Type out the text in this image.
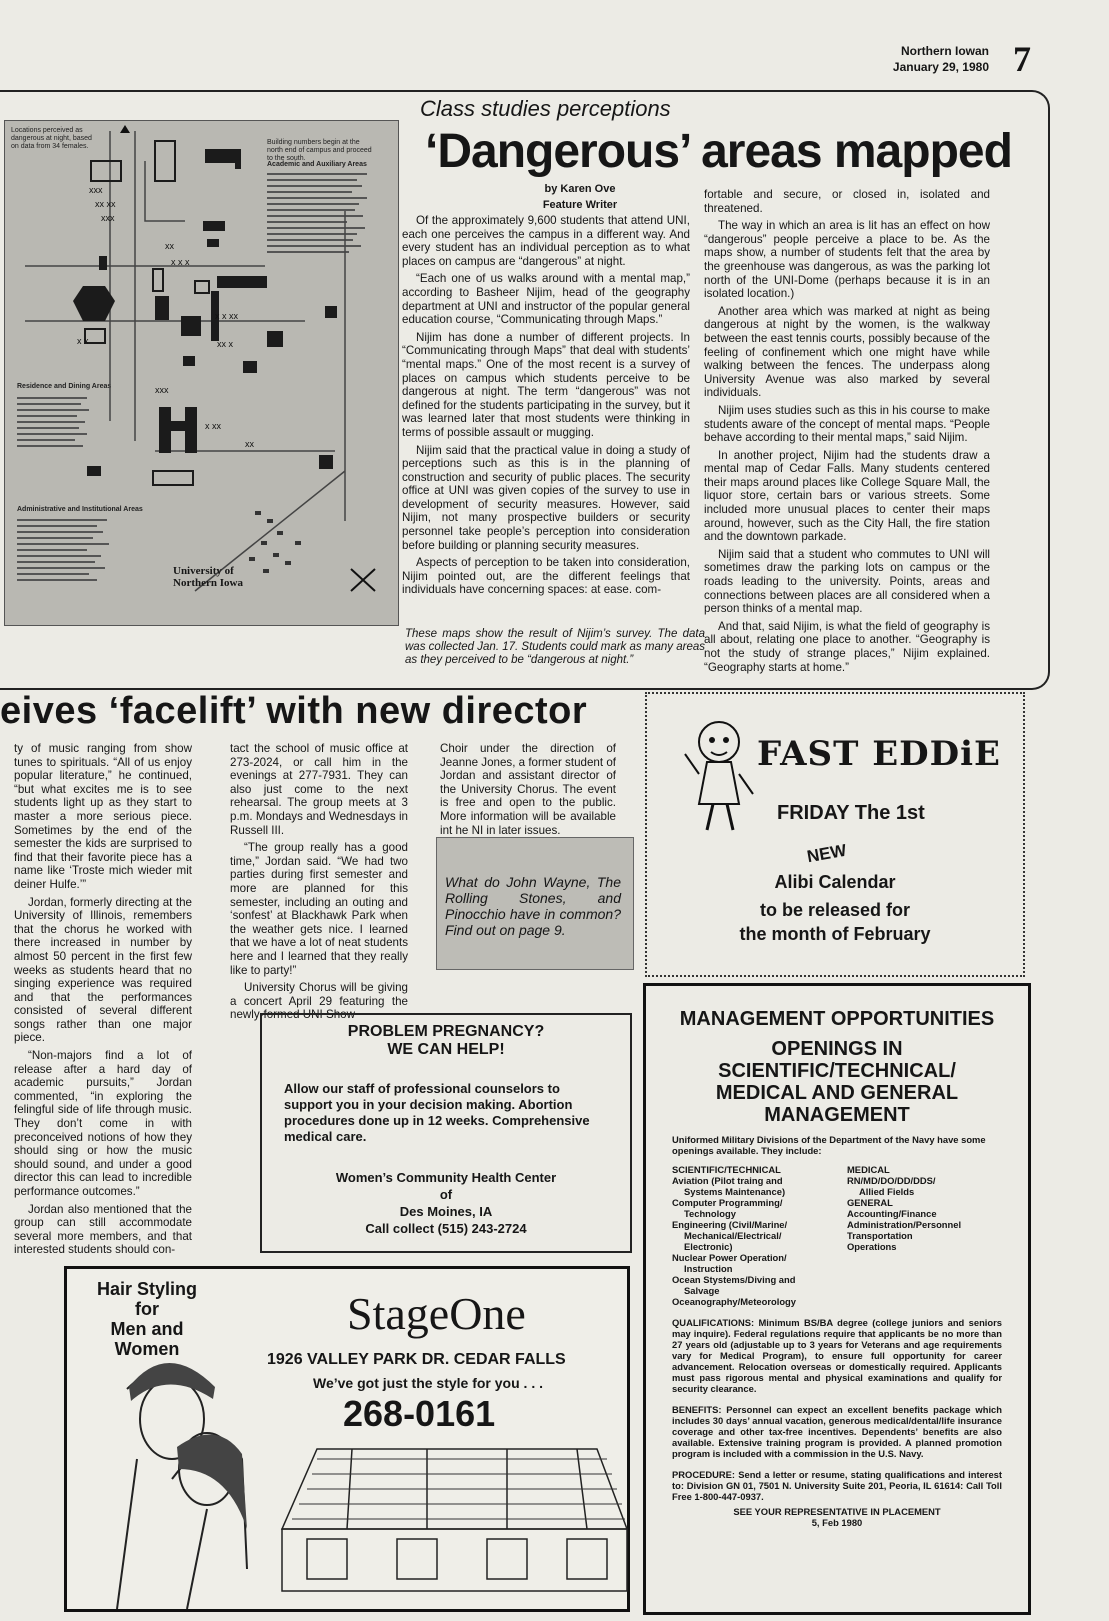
Northern Iowan
January 29, 1980 7
Class studies perceptions
‘Dangerous’ areas mapped
Locations perceived as dangerous at night, based on data from 34 females.
Building numbers begin at the north end of campus and proceed to the south.
Academic and Auxiliary Areas
Residence and Dining Areas
Administrative and Institutional Areas
xxx
xx xx
xxx
xx
x x x
x x xx
xx x
xxx
x xx
xx
x x
University of
Northern Iowa
by Karen Ove
Feature Writer

Of the approximately 9,600 students that attend UNI, each one perceives the campus in a different way. And every student has an individual perception as to what places on campus are “dangerous” at night.

“Each one of us walks around with a mental map,” according to Basheer Nijim, head of the geography department at UNI and instructor of the popular general education course, “Communicating through Maps.”

Nijim has done a number of different projects. In “Communicating through Maps” that deal with students’ “mental maps.” One of the most recent is a survey of places on campus which students perceive to be dangerous at night. The term “dangerous” was not defined for the students participating in the survey, but it was learned later that most students were thinking in terms of possible assault or mugging.

Nijim said that the practical value in doing a study of perceptions such as this is in the planning of construction and security of public places. The security office at UNI was given copies of the survey to use in development of security measures. However, said Nijim, not many prospective builders or security personnel take people’s perception into consideration before building or planning security measures.

Aspects of perception to be taken into consideration, Nijim pointed out, are the different feelings that individuals have concerning spaces: at ease. com-

fortable and secure, or closed in, isolated and threatened.

The way in which an area is lit has an effect on how “dangerous” people perceive a place to be. As the maps show, a number of students felt that the area by the greenhouse was dangerous, as was the parking lot north of the UNI-Dome (perhaps because it is in an isolated location.)

Another area which was marked at night as being dangerous at night by the women, is the walkway between the east tennis courts, possibly because of the feeling of confinement which one might have while walking between the fences. The underpass along University Avenue was also marked by several individuals.

Nijim uses studies such as this in his course to make students aware of the concept of mental maps. “People behave according to their mental maps,” said Nijim.

In another project, Nijim had the students draw a mental map of Cedar Falls. Many students centered their maps around places like College Square Mall, the liquor store, certain bars or various streets. Some included more unusual places to center their maps around, however, such as the City Hall, the fire station and the downtown parkade.

Nijim said that a student who commutes to UNI will sometimes draw the parking lots on campus or the roads leading to the university. Points, areas and connections between places are all considered when a person thinks of a mental map.

And that, said Nijim, is what the field of geography is all about, relating one place to another. “Geography is not the study of strange places,” Nijim explained. “Geography starts at home.”

These maps show the result of Nijim’s survey. The data was collected Jan. 17. Students could mark as many areas as they perceived to be “dangerous at night.”
eives ‘facelift’ with new director

ty of music ranging from show tunes to spirituals. “All of us enjoy popular literature,” he continued, “but what excites me is to see students light up as they start to master a more serious piece. Sometimes by the end of the semester the kids are surprised to find that their favorite piece has a name like ‘Troste mich wieder mit deiner Hulfe.’”

Jordan, formerly directing at the University of Illinois, remembers that the chorus he worked with there increased in number by almost 50 percent in the first few weeks as students heard that no singing experience was required and that the performances consisted of several different songs rather than one major piece.

“Non-majors find a lot of release after a hard day of academic pursuits,” Jordan commented, “in exploring the felingful side of life through music. They don’t come in with preconceived notions of how they should sing or how the music should sound, and under a good director this can lead to incredible performance outcomes.”

Jordan also mentioned that the group can still accommodate several more members, and that interested students should con-

tact the school of music office at 273-2024, or call him in the evenings at 277-7931. They can also just come to the next rehearsal. The group meets at 3 p.m. Mondays and Wednesdays in Russell III.

“The group really has a good time,” Jordan said. “We had two parties during first semester and more are planned for this semester, including an outing and ‘sonfest’ at Blackhawk Park when the weather gets nice. I learned that we have a lot of neat students here and I learned that they really like to party!”

University Chorus will be giving a concert April 29 featuring the newly-formed UNI Show

Choir under the direction of Jeanne Jones, a former student of Jordan and assistant director of the University Chorus. The event is free and open to the public. More information will be available int he NI in later issues.

What do John Wayne, The Rolling Stones, and Pinocchio have in common? Find out on page 9.
FAST EDDiE
FRIDAY The 1st
NEW
Alibi Calendar
to be released for
the month of February
PROBLEM PREGNANCY?
WE CAN HELP!
Allow our staff of professional counselors to support you in your decision making. Abortion procedures done up in 12 weeks. Comprehensive medical care.
Women’s Community Health Center
of
Des Moines, IA
Call collect (515) 243-2724
MANAGEMENT OPPORTUNITIES
OPENINGS IN SCIENTIFIC/TECHNICAL/
MEDICAL AND GENERAL
MANAGEMENT
Uniformed Military Divisions of the Department of the Navy have some openings available. They include:
SCIENTIFIC/TECHNICAL
Aviation (Pilot traing and
Systems Maintenance)
Computer Programming/
Technology
Engineering (Civil/Marine/
Mechanical/Electrical/
Electronic)
Nuclear Power Operation/
Instruction
Ocean Stystems/Diving and
Salvage
Oceanography/Meteorology
MEDICAL
RN/MD/DO/DD/DDS/
Allied Fields
GENERAL
Accounting/Finance
Administration/Personnel
Transportation
Operations
QUALIFICATIONS: Minimum BS/BA degree (college juniors and seniors may inquire). Federal regulations require that applicants be no more than 27 years old (adjustable up to 3 years for Veterans and age requirements vary for Medical Program), to ensure full opportunity for career advancement. Relocation overseas or domestically required. Applicants must pass rigorous mental and physical examinations and qualify for security clearance.
BENEFITS: Personnel can expect an excellent benefits package which includes 30 days’ annual vacation, generous medical/dental/life insurance coverage and other tax-free incentives. Dependents’ benefits are also available. Extensive training program is provided. A planned promotion program is included with a commission in the U.S. Navy.
PROCEDURE: Send a letter or resume, stating qualifications and interest to: Division GN 01, 7501 N. University Suite 201, Peoria, IL 61614: Call Toll Free 1-800-447-0937.
SEE YOUR REPRESENTATIVE IN PLACEMENT
5, Feb 1980
Hair Styling
for
Men and Women
StageOne
1926 VALLEY PARK DR. CEDAR FALLS
We’ve got just the style for you . . .
268-0161
